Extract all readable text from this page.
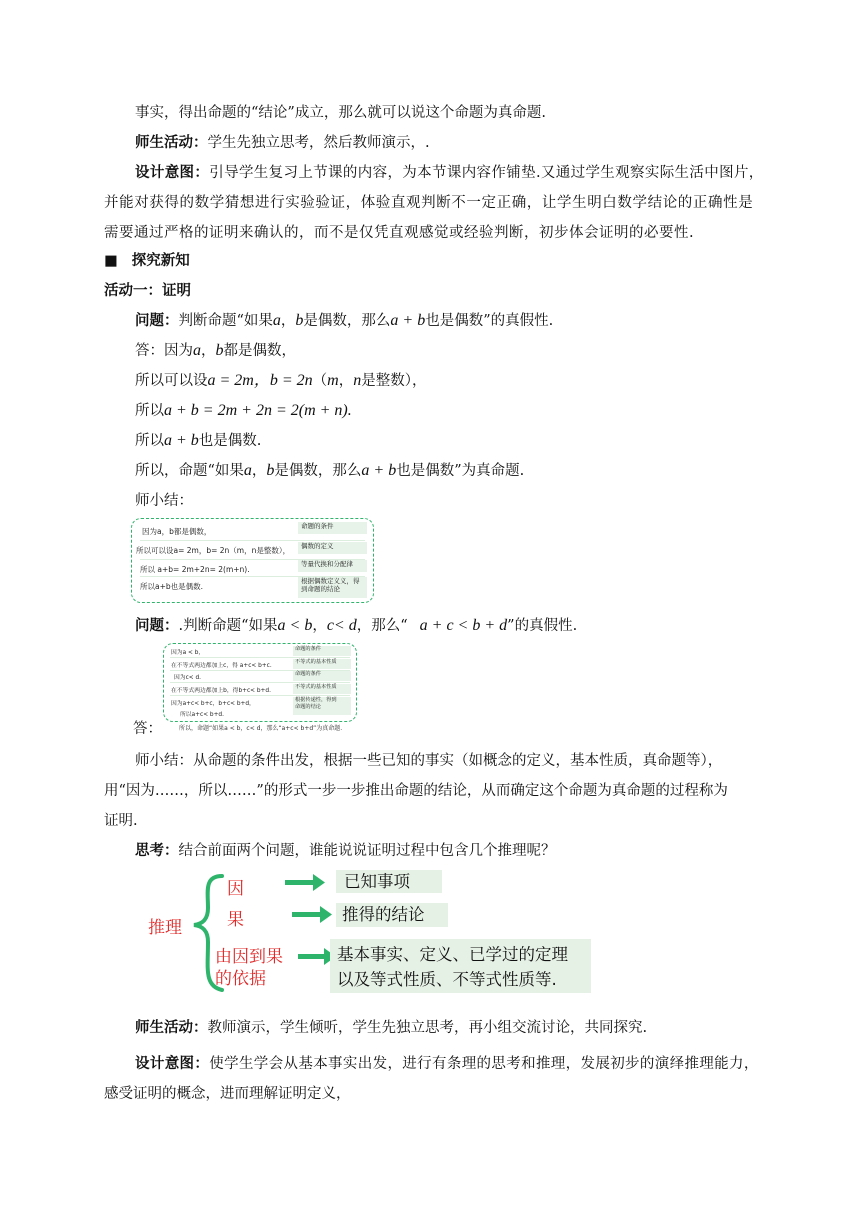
事实，得出命题的“结论”成立，那么就可以说这个命题为真命题.
师生活动：学生先独立思考，然后教师演示，.
设计意图：引导学生复习上节课的内容，为本节课内容作铺垫.又通过学生观察实际生活中图片，
并能对获得的数学猜想进行实验验证，体验直观判断不一定正确，让学生明白数学结论的正确性是
需要通过严格的证明来确认的，而不是仅凭直观感觉或经验判断，初步体会证明的必要性.
■ 探究新知
活动一：证明
问题：判断命题“如果a，b是偶数，那么a + b也是偶数”的真假性.
答：因为a，b都是偶数，
所以可以设a = 2m，b = 2n（m，n是整数），
所以a + b = 2m + 2n = 2(m + n).
所以a + b也是偶数.
所以，命题“如果a，b是偶数，那么a + b也是偶数”为真命题.
师小结：
因为a，b都是偶数，
所以可以设a= 2m，b= 2n（m，n是整数），
所以 a+b= 2m+2n= 2(m+n).
所以a+b也是偶数.
命题的条件
偶数的定义
等量代换和分配律
根据偶数定义义，得
到命题的结论
问题：.判断命题“如果a < b，c< d，那么“ a + c < b + d”的真假性.
因为a < b，
在不等式两边都加上c，得 a+c< b+c.
因为c< d.
在不等式两边都加上b，得b+c< b+d.
因为a+c< b+c，b+c< b+d，
所以a+c< b+d.
命题的条件
不等式的基本性质
命题的条件
不等式的基本性质
根据传递性，得到
命题的结论
所以，命题“如果a < b，c< d，那么“a+c< b+d”为真命题.
答：
师小结：从命题的条件出发，根据一些已知的事实（如概念的定义，基本性质，真命题等），
用“因为……，所以……”的形式一步一步推出命题的结论，从而确定这个命题为真命题的过程称为
证明.
思考：结合前面两个问题，谁能说说证明过程中包含几个推理呢？
推理
因
果
由因到果
的依据
已知事项
推得的结论
基本事实、定义、已学过的定理
以及等式性质、不等式性质等.
师生活动：教师演示，学生倾听，学生先独立思考，再小组交流讨论，共同探究.
设计意图：使学生学会从基本事实出发，进行有条理的思考和推理，发展初步的演绎推理能力，
感受证明的概念，进而理解证明定义，
